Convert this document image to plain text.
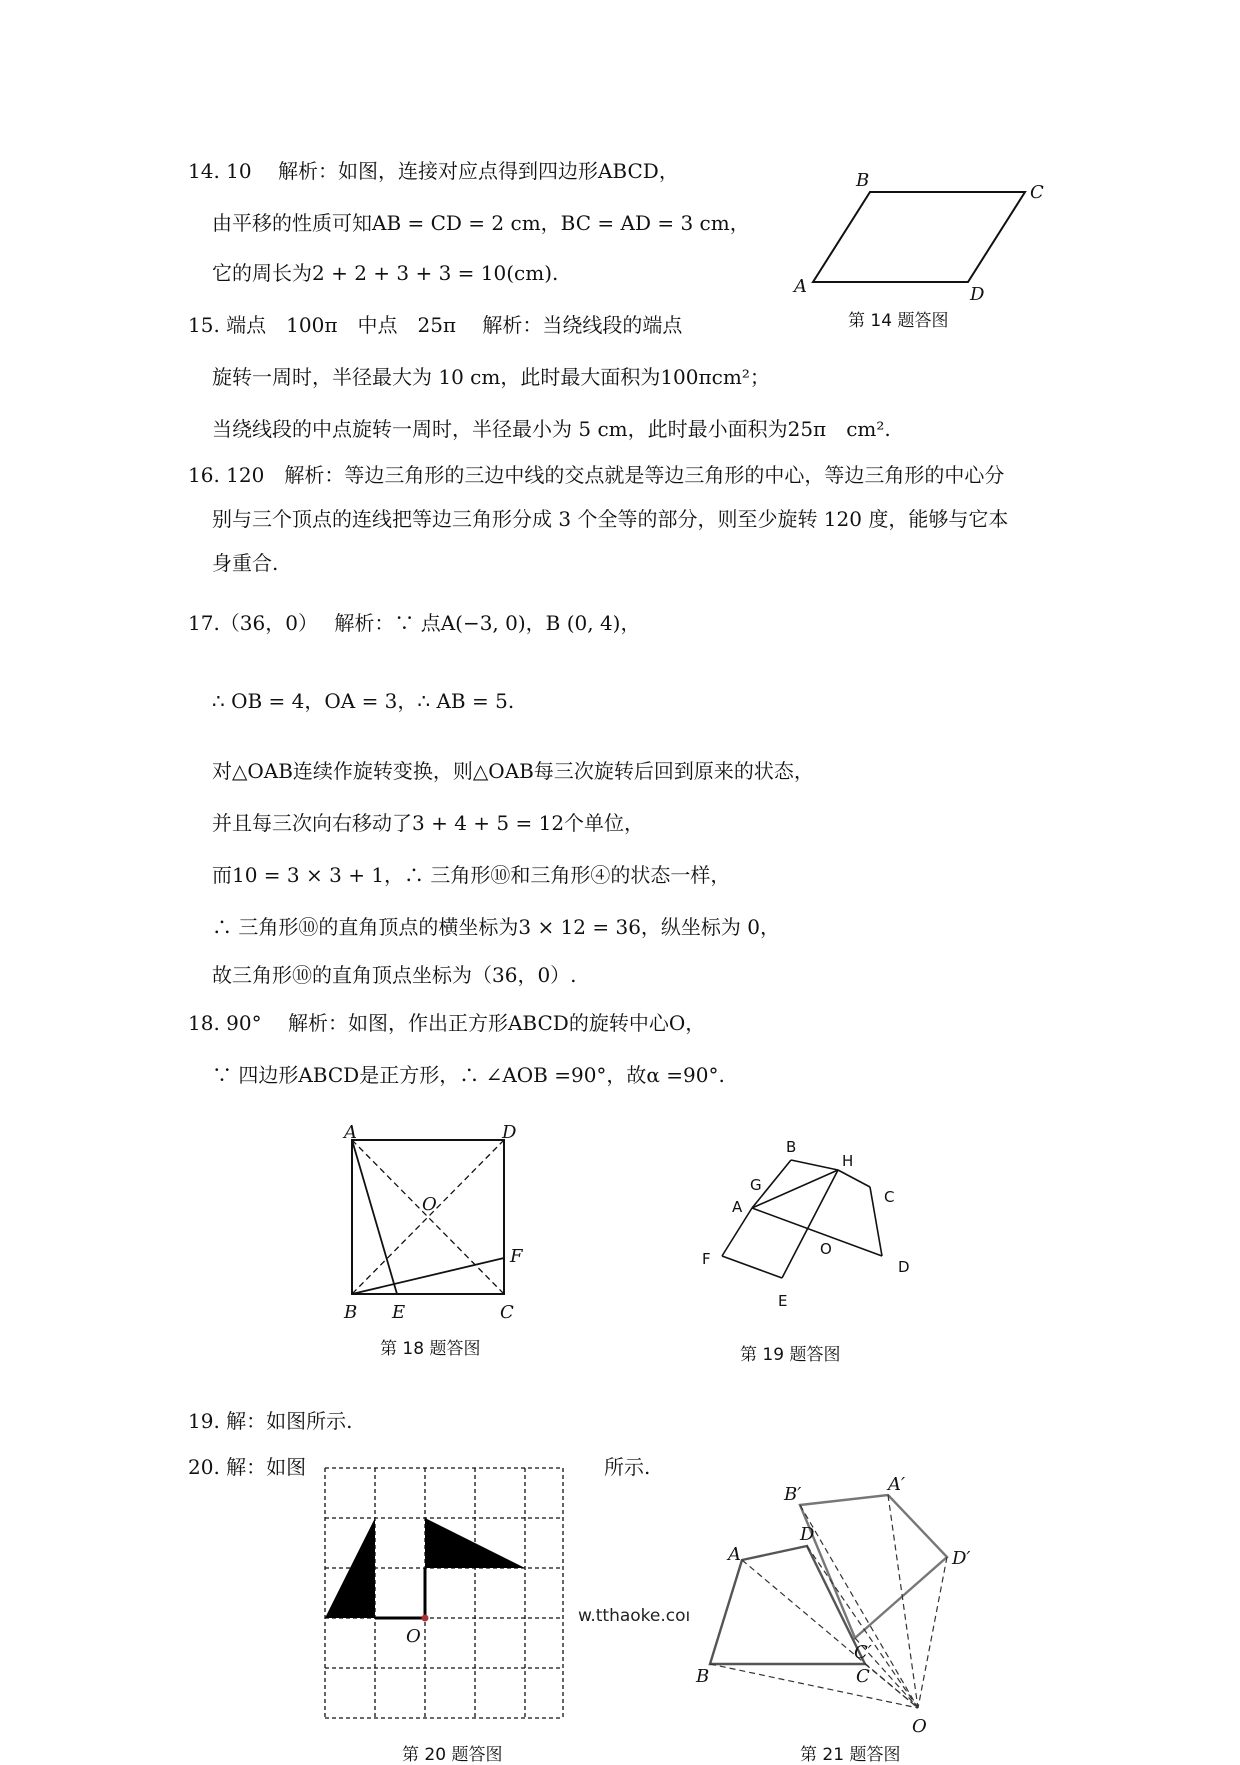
14. 10　 解析：如图，连接对应点得到四边形ABCD，
由平移的性质可知AB = CD = 2 cm，BC = AD = 3 cm，
它的周长为2 + 2 + 3 + 3 = 10(cm).
15. 端点　100π　中点　25π　 解析：当绕线段的端点
旋转一周时，半径最大为 10 cm，此时最大面积为100πcm²；
当绕线段的中点旋转一周时，半径最小为 5 cm，此时最小面积为25π　cm².
16. 120　解析：等边三角形的三边中线的交点就是等边三角形的中心，等边三角形的中心分
别与三个顶点的连线把等边三角形分成 3 个全等的部分，则至少旋转 120 度，能够与它本
身重合.
17.（36，0）　 解析：∵ 点A(−3, 0)，B (0, 4)，
∴ OB = 4，OA = 3，∴ AB = 5.
对△OAB连续作旋转变换，则△OAB每三次旋转后回到原来的状态，
并且每三次向右移动了3 + 4 + 5 = 12个单位，
而10 = 3 × 3 + 1，∴ 三角形⑩和三角形④的状态一样，
∴ 三角形⑩的直角顶点的横坐标为3 × 12 = 36，纵坐标为 0，
故三角形⑩的直角顶点坐标为（36，0）.
18. 90°　 解析：如图，作出正方形ABCD的旋转中心O，
∵ 四边形ABCD是正方形，∴ ∠AOB =90°，故α =90°.
19. 解：如图所示.
20. 解：如图	所示.
B
C
A	D
第 14 题答图
A	D
O
F
B E	C
第 18 题答图
B
H
G
C
A
O
F	D
E
第 19 题答图
O
w.tthaoke.coı
第 20 题答图
B′	A′
D′
D
A
C′
C
B
O
第 21 题答图
